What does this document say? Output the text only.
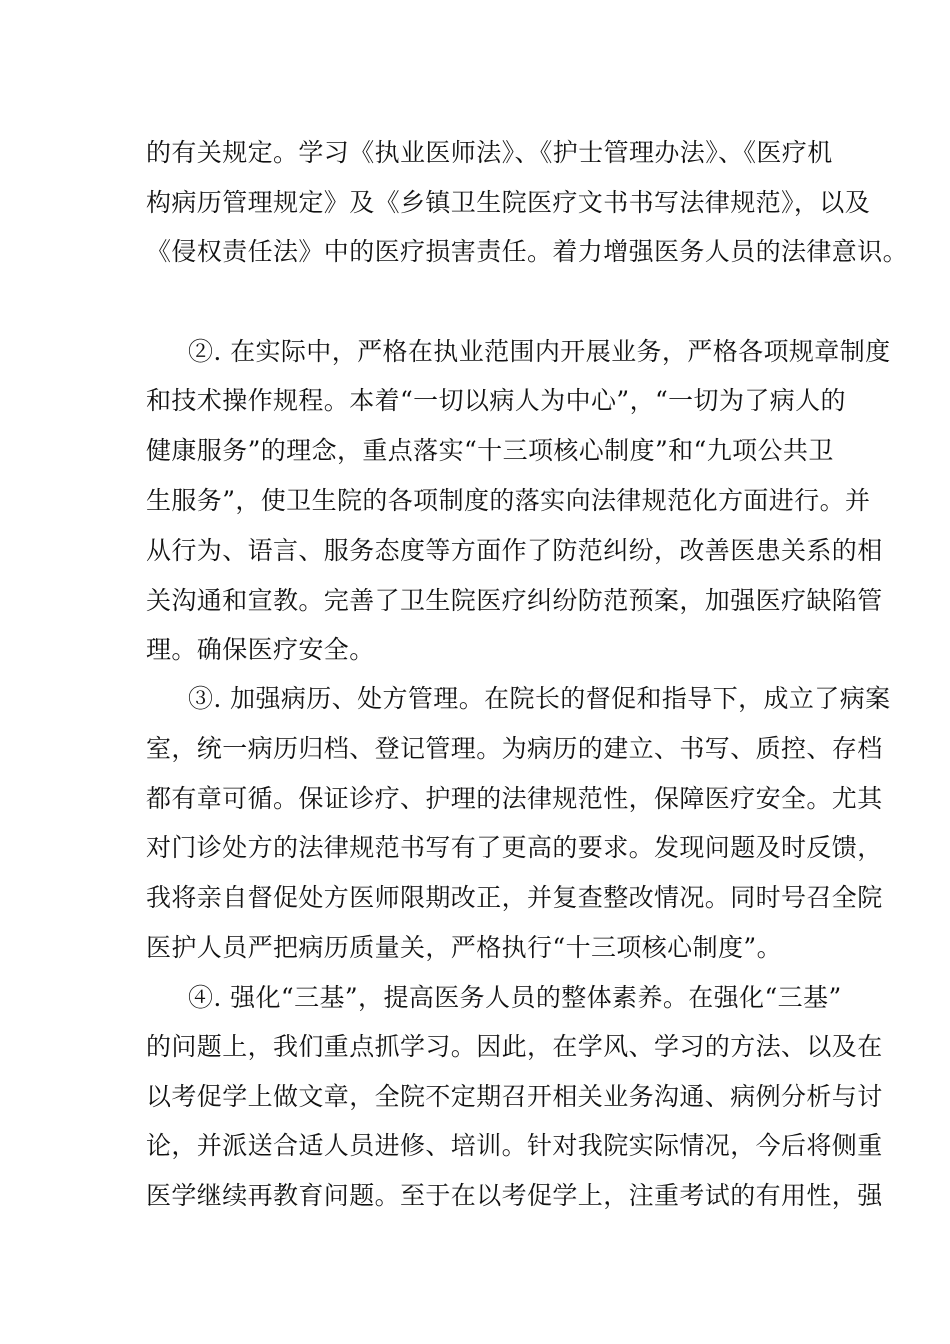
的有关规定。学习《执业医师法》、《护士管理办法》、《医疗机

构病历管理规定》及《乡镇卫生院医疗文书书写法律规范》，以及

《侵权责任法》中的医疗损害责任。着力增强医务人员的法律意识。

②. 在实际中，严格在执业范围内开展业务，严格各项规章制度

和技术操作规程。本着“一切以病人为中心”，“一切为了病人的

健康服务”的理念，重点落实“十三项核心制度”和“九项公共卫

生服务”，使卫生院的各项制度的落实向法律规范化方面进行。并

从行为、语言、服务态度等方面作了防范纠纷，改善医患关系的相

关沟通和宣教。完善了卫生院医疗纠纷防范预案，加强医疗缺陷管

理。确保医疗安全。

③. 加强病历、处方管理。在院长的督促和指导下，成立了病案

室，统一病历归档、登记管理。为病历的建立、书写、质控、存档

都有章可循。保证诊疗、护理的法律规范性，保障医疗安全。尤其

对门诊处方的法律规范书写有了更高的要求。发现问题及时反馈，

我将亲自督促处方医师限期改正，并复查整改情况。同时号召全院

医护人员严把病历质量关，严格执行“十三项核心制度”。

④. 强化“三基”，提高医务人员的整体素养。在强化“三基”

的问题上，我们重点抓学习。因此，在学风、学习的方法、以及在

以考促学上做文章，全院不定期召开相关业务沟通、病例分析与讨

论，并派送合适人员进修、培训。针对我院实际情况，今后将侧重

医学继续再教育问题。至于在以考促学上，注重考试的有用性，强
